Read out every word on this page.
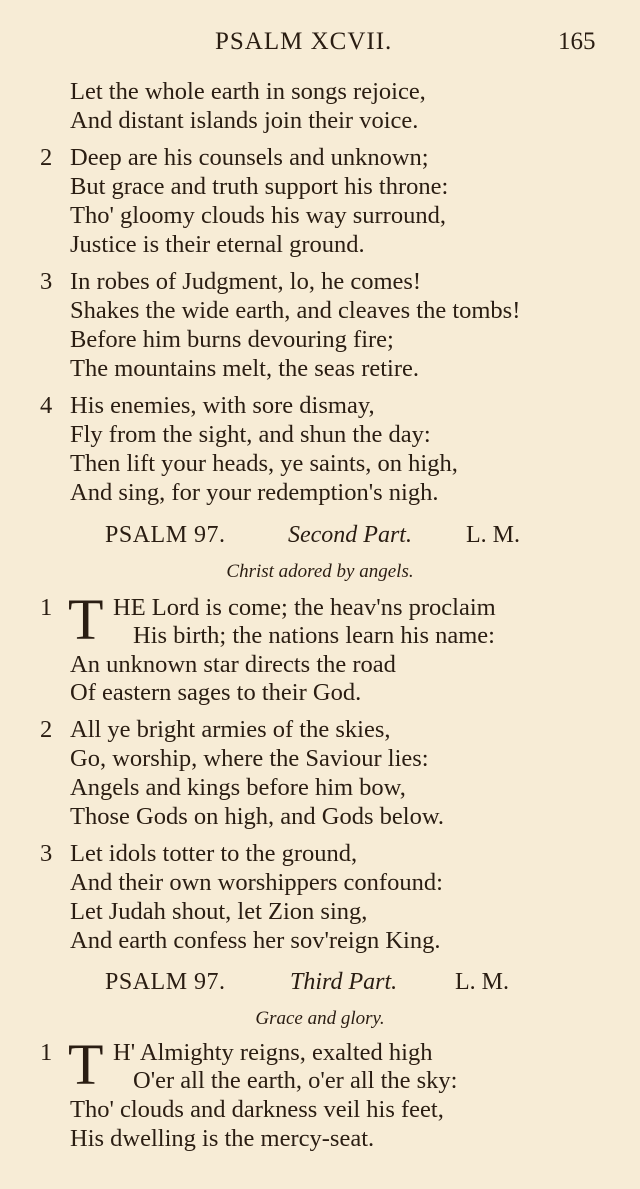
PSALM XCVII.	165
Let the whole earth in songs rejoice,
And distant islands join their voice.
2 Deep are his counsels and unknown;
But grace and truth support his throne:
Tho' gloomy clouds his way surround,
Justice is their eternal ground.
3 In robes of Judgment, lo, he comes!
Shakes the wide earth, and cleaves the tombs!
Before him burns devouring fire;
The mountains melt, the seas retire.
4 His enemies, with sore dismay,
Fly from the sight, and shun the day:
Then lift your heads, ye saints, on high,
And sing, for your redemption's nigh.
PSALM 97.	Second Part. L. M.
Christ adored by angels.
1 T HE Lord is come; the heav'ns proclaim
His birth; the nations learn his name:
An unknown star directs the road
Of eastern sages to their God.
2 All ye bright armies of the skies,
Go, worship, where the Saviour lies:
Angels and kings before him bow,
Those Gods on high, and Gods below.
3 Let idols totter to the ground,
And their own worshippers confound:
Let Judah shout, let Zion sing,
And earth confess her sov'reign King.
PSALM 97.	Third Part. L. M.
Grace and glory.
1 T H' Almighty reigns, exalted high
O'er all the earth, o'er all the sky:
Tho' clouds and darkness veil his feet,
His dwelling is the mercy-seat.
